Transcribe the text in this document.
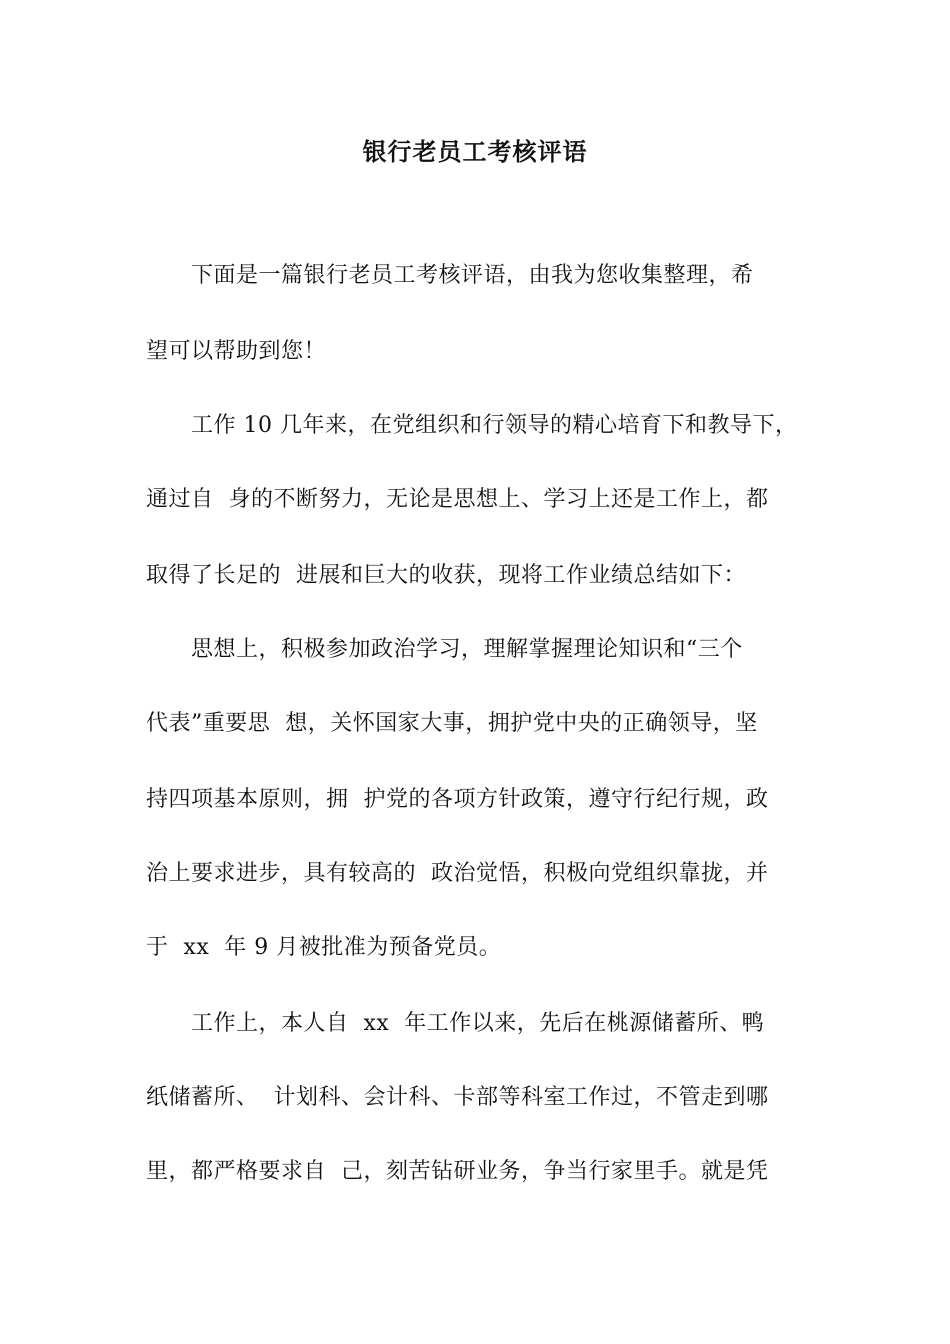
银行老员工考核评语
　　下面是一篇银行老员工考核评语，由我为您收集整理，希
望可以帮助到您！
　　工作 10 几年来，在党组织和行领导的精心培育下和教导下，
通过自  身的不断努力，无论是思想上、学习上还是工作上，都
取得了长足的  进展和巨大的收获，现将工作业绩总结如下：
　　思想上，积极参加政治学习，理解掌握理论知识和“三个
代表”重要思  想，关怀国家大事，拥护党中央的正确领导，坚
持四项基本原则，拥  护党的各项方针政策，遵守行纪行规，政
治上要求进步，具有较高的  政治觉悟，积极向党组织靠拢，并
于  xx  年 9 月被批准为预备党员。
　　工作上，本人自  xx  年工作以来，先后在桃源储蓄所、鸭
纸储蓄所、  计划科、会计科、卡部等科室工作过，不管走到哪
里，都严格要求自  己，刻苦钻研业务，争当行家里手。就是凭
